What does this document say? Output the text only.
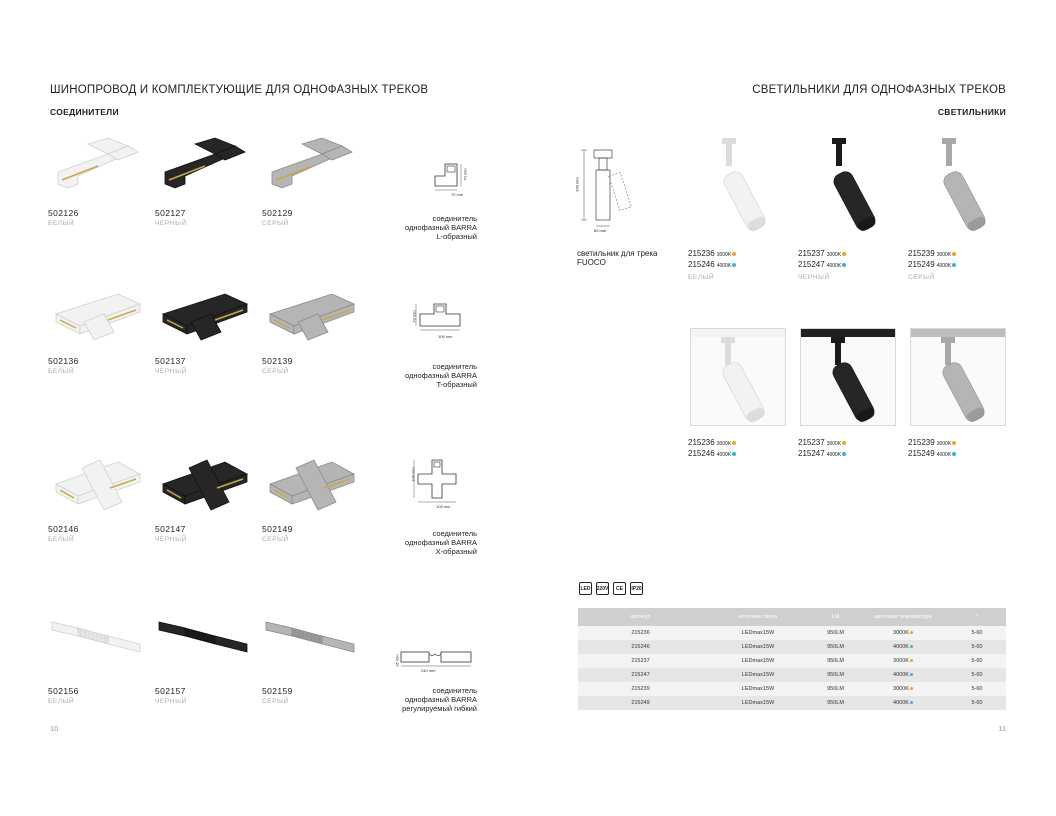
ШИНОПРОВОД И КОМПЛЕКТУЮЩИЕ ДЛЯ ОДНОФАЗНЫХ ТРЕКОВ
СОЕДИНИТЕЛИ
502126
БЕЛЫЙ
502127
ЧЕРНЫЙ
502129
СЕРЫЙ
70 mm
70 mm
соединитель
однофазный BARRA
L-образный
502136
БЕЛЫЙ
502137
ЧЕРНЫЙ
502139
СЕРЫЙ
106 mm
70 mm
соединитель
однофазный BARRA
T-образный
502146
БЕЛЫЙ
502147
ЧЕРНЫЙ
502149
СЕРЫЙ
106 mm
106 mm
соединитель
однофазный BARRA
X-образный
502156
БЕЛЫЙ
502157
ЧЕРНЫЙ
502159
СЕРЫЙ
240 mm
35 mm
соединитель
однофазный BARRA
регулируемый гибкий
10
СВЕТИЛЬНИКИ ДЛЯ ОДНОФАЗНЫХ ТРЕКОВ
СВЕТИЛЬНИКИ
240 mm
60 mm
светильник для трека
FUOCO
215236 3000K
215246 4000K
БЕЛЫЙ
215237 3000K
215247 4000K
ЧЕРНЫЙ
215239 3000K
215249 4000K
СЕРЫЙ
215236 3000K
215246 4000K
215237 3000K
215247 4000K
215239 3000K
215249 4000K
LED	220V	CE	IP20
артикул	источник света	LM	цветовая температура	°
215236	LEDmax15W	950LM	3000K	5-60
215246	LEDmax15W	950LM	4000K	5-60
215237	LEDmax15W	950LM	3000K	5-60
215247	LEDmax15W	950LM	4000K	5-60
215239	LEDmax15W	950LM	3000K	5-60
215249	LEDmax15W	950LM	4000K	5-60
11
